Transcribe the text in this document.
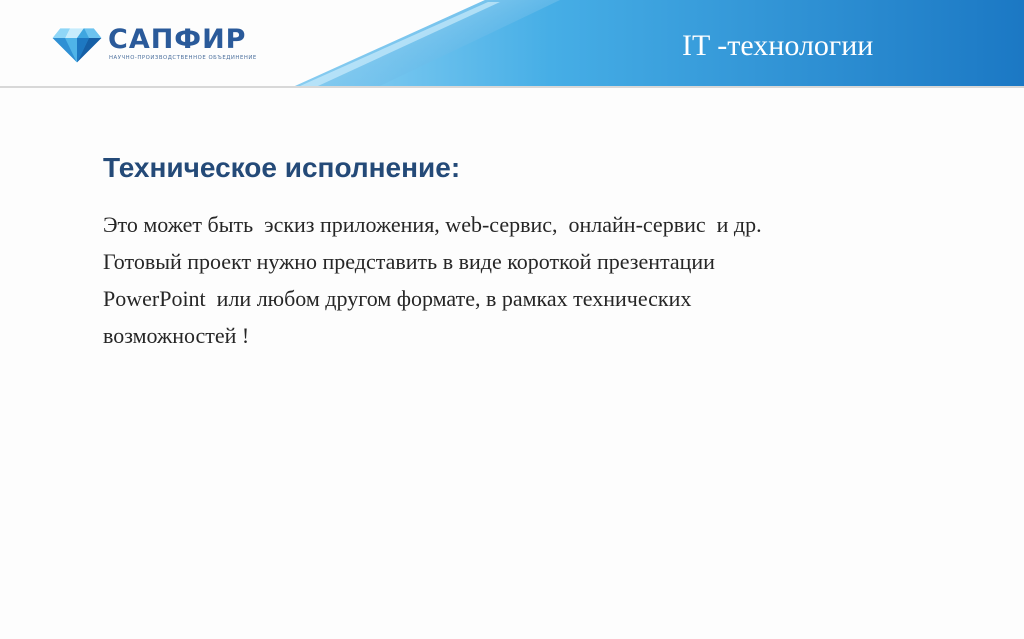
САПФИР
НАУЧНО-ПРОИЗВОДСТВЕННОЕ ОБЪЕДИНЕНИЕ	IT -технологии
Техническое исполнение:
Это может быть  эскиз приложения, web-сервис,  онлайн-сервис  и др.
Готовый проект нужно представить в виде короткой презентации
PowerPoint  или любом другом формате, в рамках технических
возможностей !
